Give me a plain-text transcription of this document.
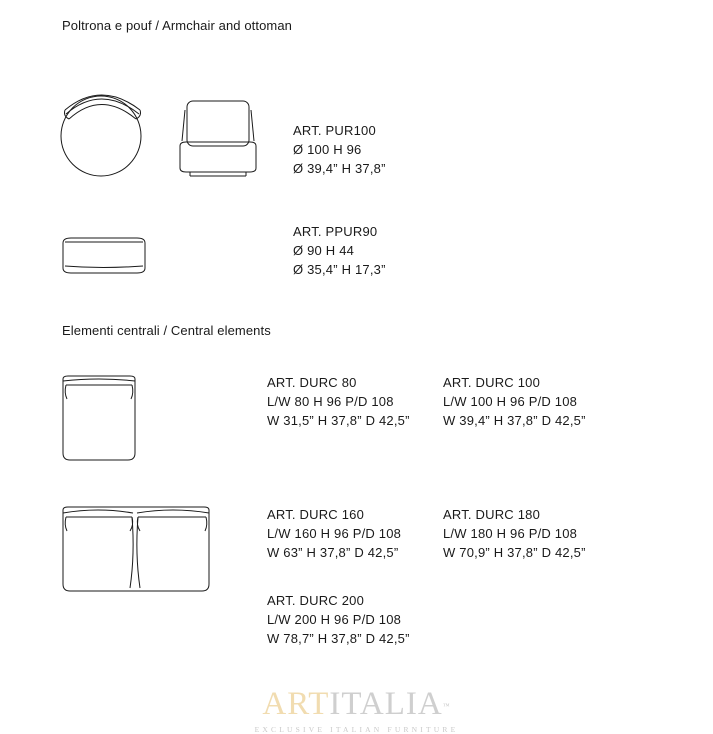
Poltrona e pouf / Armchair and ottoman
Elementi centrali / Central elements
ART. PUR100
Ø 100 H 96
Ø 39,4” H 37,8”
ART. PPUR90
Ø 90 H 44
Ø 35,4” H 17,3”
ART. DURC 80
L/W 80 H 96 P/D 108
W 31,5” H 37,8” D 42,5”
ART. DURC 100
L/W 100 H 96 P/D 108
W 39,4” H 37,8” D 42,5”
ART. DURC 160
L/W 160 H 96 P/D 108
W 63” H 37,8” D 42,5”
ART. DURC 180
L/W 180 H 96 P/D 108
W 70,9” H 37,8” D 42,5”
ART. DURC 200
L/W 200 H 96 P/D 108
W 78,7” H 37,8” D 42,5”
ARTITALIA™
EXCLUSIVE ITALIAN FURNITURE
